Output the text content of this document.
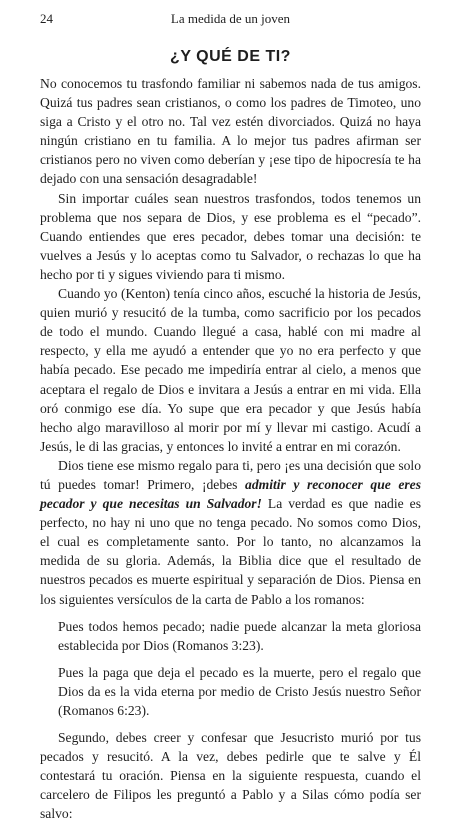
24	La medida de un joven
¿Y QUÉ DE TI?

No conocemos tu trasfondo familiar ni sabemos nada de tus amigos. Quizá tus padres sean cristianos, o como los padres de Timoteo, uno siga a Cristo y el otro no. Tal vez estén divorciados. Quizá no haya ningún cristiano en tu familia. A lo mejor tus padres afirman ser cristianos pero no viven como deberían y ¡ese tipo de hipocresía te ha dejado con una sensación desagradable!

Sin importar cuáles sean nuestros trasfondos, todos tenemos un problema que nos separa de Dios, y ese problema es el “pecado”. Cuando entiendes que eres pecador, debes tomar una decisión: te vuelves a Jesús y lo aceptas como tu Salvador, o rechazas lo que ha hecho por ti y sigues viviendo para ti mismo.

Cuando yo (Kenton) tenía cinco años, escuché la historia de Jesús, quien murió y resucitó de la tumba, como sacrificio por los pecados de todo el mundo. Cuando llegué a casa, hablé con mi madre al respecto, y ella me ayudó a entender que yo no era perfecto y que había pecado. Ese pecado me impediría entrar al cielo, a menos que aceptara el regalo de Dios e invitara a Jesús a entrar en mi vida. Ella oró conmigo ese día. Yo supe que era pecador y que Jesús había hecho algo maravilloso al morir por mí y llevar mi castigo. Acudí a Jesús, le di las gracias, y entonces lo invité a entrar en mi corazón.

Dios tiene ese mismo regalo para ti, pero ¡es una decisión que solo tú puedes tomar! Primero, ¡debes admitir y reconocer que eres pecador y que necesitas un Salvador! La verdad es que nadie es perfecto, no hay ni uno que no tenga pecado. No somos como Dios, el cual es completamente santo. Por lo tanto, no alcanzamos la medida de su gloria. Además, la Biblia dice que el resultado de nuestros pecados es muerte espiritual y separación de Dios. Piensa en los siguientes versículos de la carta de Pablo a los romanos:

Pues todos hemos pecado; nadie puede alcanzar la meta gloriosa establecida por Dios (Romanos 3:23).
Pues la paga que deja el pecado es la muerte, pero el regalo que Dios da es la vida eterna por medio de Cristo Jesús nuestro Señor (Romanos 6:23).

Segundo, debes creer y confesar que Jesucristo murió por tus pecados y resucitó. A la vez, debes pedirle que te salve y Él contestará tu oración. Piensa en la siguiente respuesta, cuando el carcelero de Filipos les preguntó a Pablo y a Silas cómo podía ser salvo:
